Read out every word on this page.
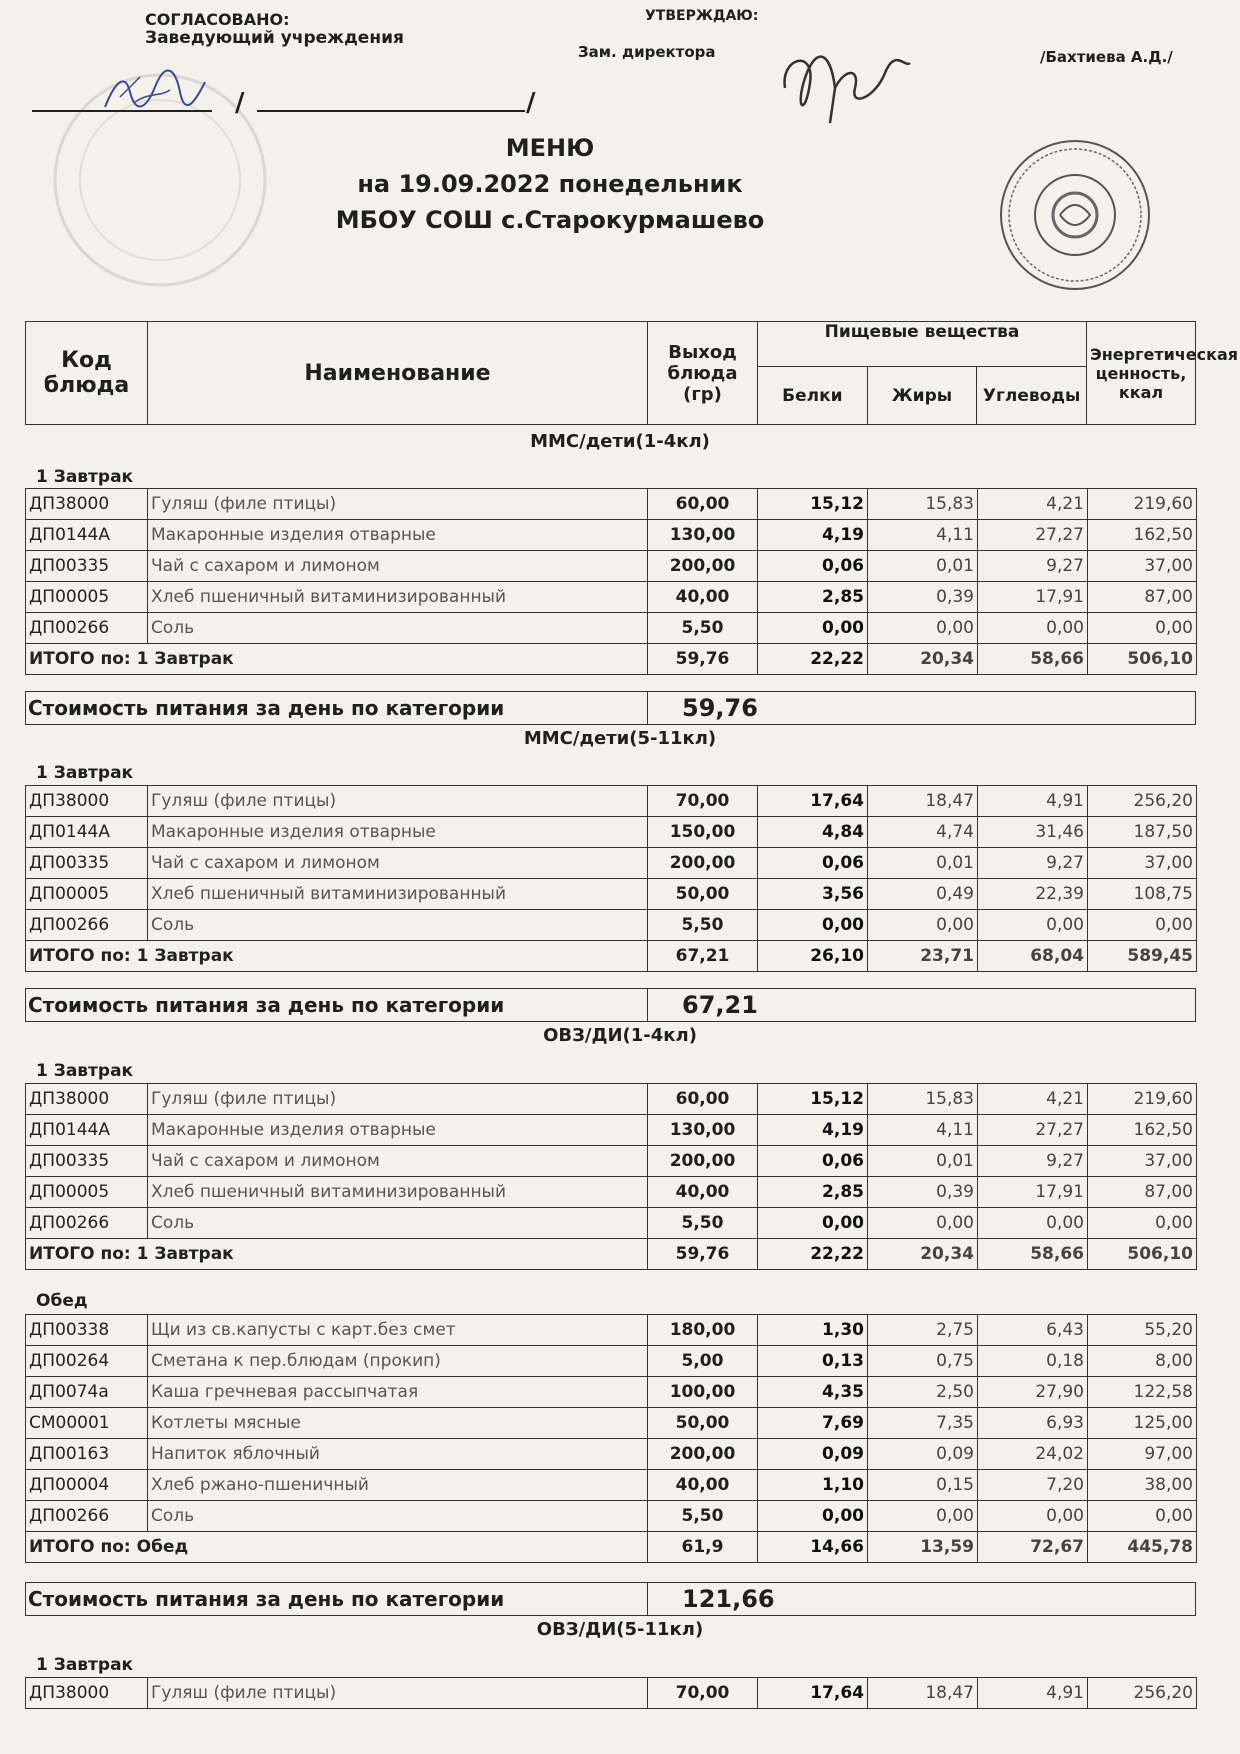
СОГЛАСОВАНО:
Заведующий учреждения
УТВЕРЖДАЮ:
Зам. директора	/Бахтиева А.Д./
/	/
МЕНЮ
на 19.09.2022 понедельник
МБОУ СОШ с.Старокурмашево
Код блюда	Наименование	Выход блюда (гр)	Пищевые вещества			Энергетическая ценность, ккал
			Белки	Жиры	Углеводы	
ММС/дети(1-4кл)
1 Завтрак
ДП38000	Гуляш (филе птицы)	60,00	15,12	15,83	4,21	219,60
ДП0144А	Макаронные изделия отварные	130,00	4,19	4,11	27,27	162,50
ДП00335	Чай с сахаром и лимоном	200,00	0,06	0,01	9,27	37,00
ДП00005	Хлеб пшеничный витаминизированный	40,00	2,85	0,39	17,91	87,00
ДП00266	Соль	5,50	0,00	0,00	0,00	0,00
ИТОГО по: 1 Завтрак		59,76	22,22	20,34	58,66	506,10
Стоимость питания за день по категории	59,76
ММС/дети(5-11кл)
1 Завтрак
ДП38000	Гуляш (филе птицы)	70,00	17,64	18,47	4,91	256,20
ДП0144А	Макаронные изделия отварные	150,00	4,84	4,74	31,46	187,50
ДП00335	Чай с сахаром и лимоном	200,00	0,06	0,01	9,27	37,00
ДП00005	Хлеб пшеничный витаминизированный	50,00	3,56	0,49	22,39	108,75
ДП00266	Соль	5,50	0,00	0,00	0,00	0,00
ИТОГО по: 1 Завтрак		67,21	26,10	23,71	68,04	589,45
Стоимость питания за день по категории	67,21
ОВЗ/ДИ(1-4кл)
1 Завтрак
ДП38000	Гуляш (филе птицы)	60,00	15,12	15,83	4,21	219,60
ДП0144А	Макаронные изделия отварные	130,00	4,19	4,11	27,27	162,50
ДП00335	Чай с сахаром и лимоном	200,00	0,06	0,01	9,27	37,00
ДП00005	Хлеб пшеничный витаминизированный	40,00	2,85	0,39	17,91	87,00
ДП00266	Соль	5,50	0,00	0,00	0,00	0,00
ИТОГО по: 1 Завтрак		59,76	22,22	20,34	58,66	506,10
Обед
ДП00338	Щи из св.капусты с карт.без смет	180,00	1,30	2,75	6,43	55,20
ДП00264	Сметана к пер.блюдам (прокип)	5,00	0,13	0,75	0,18	8,00
ДП0074а	Каша гречневая рассыпчатая	100,00	4,35	2,50	27,90	122,58
СМ00001	Котлеты мясные	50,00	7,69	7,35	6,93	125,00
ДП00163	Напиток яблочный	200,00	0,09	0,09	24,02	97,00
ДП00004	Хлеб ржано-пшеничный	40,00	1,10	0,15	7,20	38,00
ДП00266	Соль	5,50	0,00	0,00	0,00	0,00
ИТОГО по: Обед		61,9	14,66	13,59	72,67	445,78
Стоимость питания за день по категории	121,66
ОВЗ/ДИ(5-11кл)
1 Завтрак
ДП38000	Гуляш (филе птицы)	70,00	17,64	18,47	4,91	256,20
